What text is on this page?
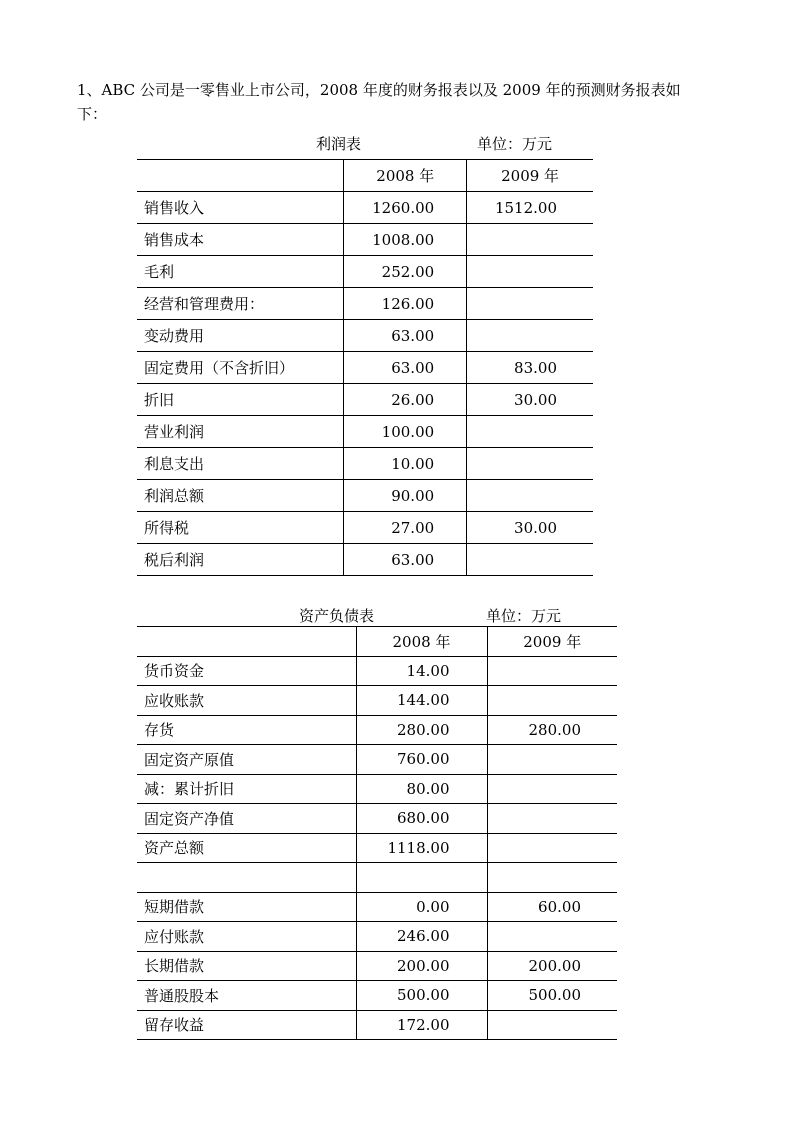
1、ABC 公司是一零售业上市公司，2008 年度的财务报表以及 2009 年的预测财务报表如
下：
利润表	单位：万元
	2008 年	2009 年
销售收入	1260.00	1512.00
销售成本	1008.00	
毛利	252.00	
经营和管理费用：	126.00	
变动费用	63.00	
固定费用（不含折旧）	63.00	83.00
折旧	26.00	30.00
营业利润	100.00	
利息支出	10.00	
利润总额	90.00	
所得税	27.00	30.00
税后利润	63.00	
资产负债表	单位：万元
	2008 年	2009 年
货币资金	14.00	
应收账款	144.00	
存货	280.00	280.00
固定资产原值	760.00	
减：累计折旧	80.00	
固定资产净值	680.00	
资产总额	1118.00	

短期借款	0.00	60.00
应付账款	246.00	
长期借款	200.00	200.00
普通股股本	500.00	500.00
留存收益	172.00	
